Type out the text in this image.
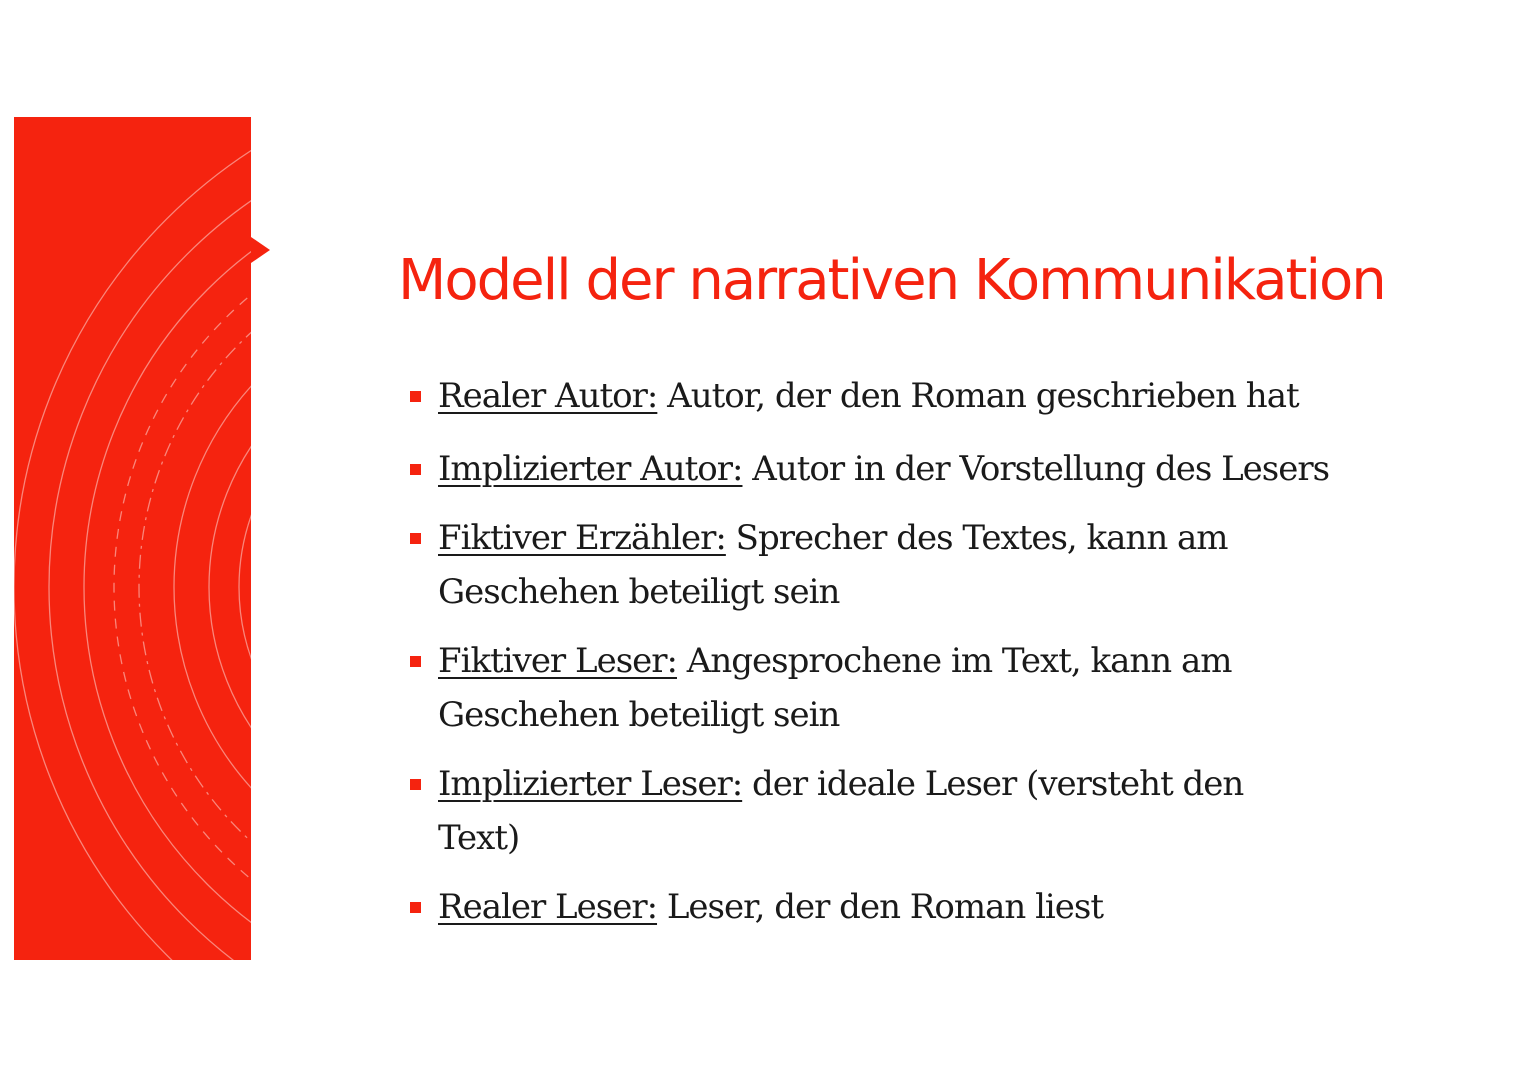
Modell der narrativen Kommunikation
Realer Autor: Autor, der den Roman geschrieben hat
Implizierter Autor: Autor in der Vorstellung des Lesers
Fiktiver Erzähler: Sprecher des Textes, kann am Geschehen beteiligt sein
Fiktiver Leser: Angesprochene im Text, kann am Geschehen beteiligt sein
Implizierter Leser: der ideale Leser (versteht den Text)
Realer Leser: Leser, der den Roman liest
